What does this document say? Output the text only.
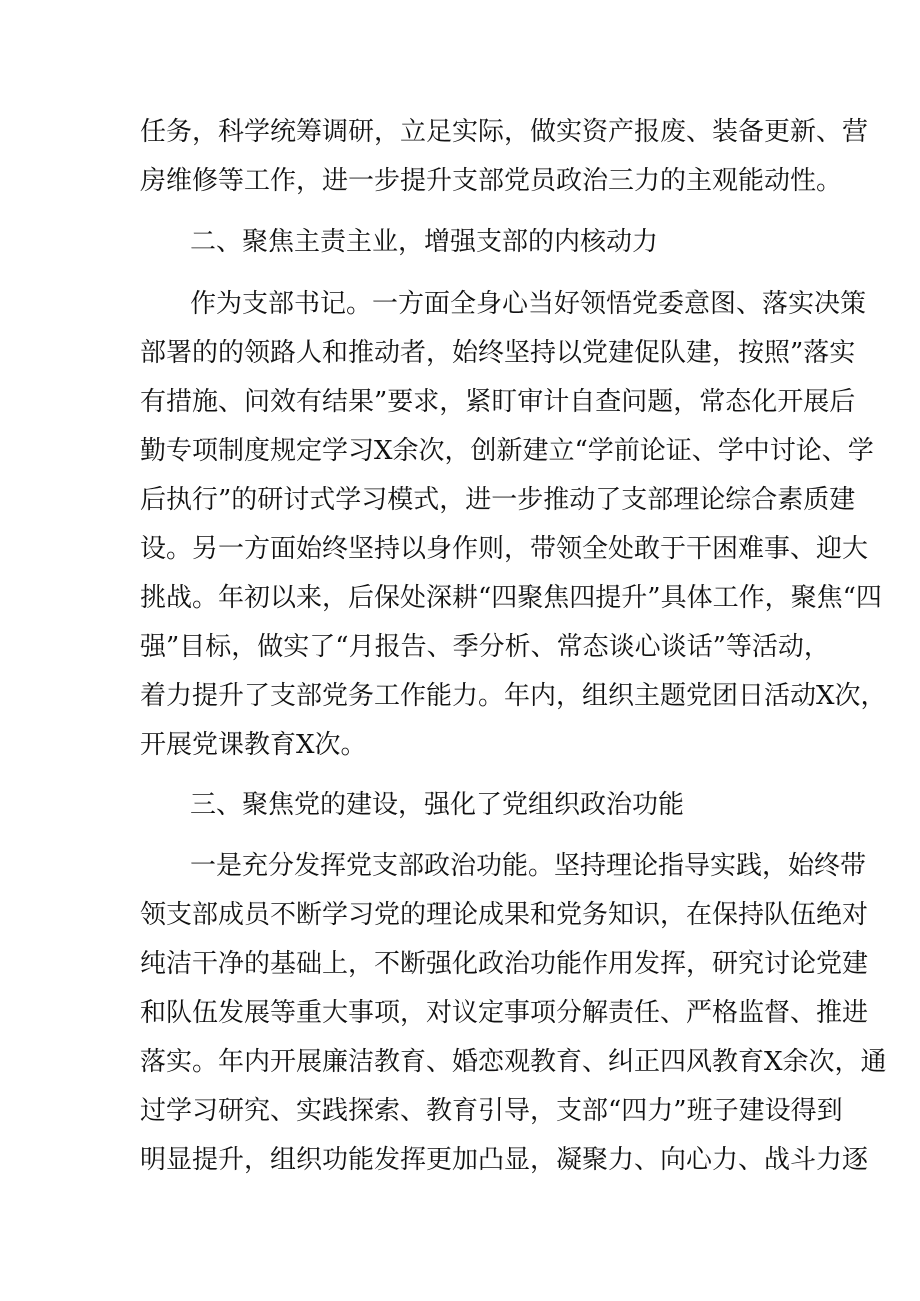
任务，科学统筹调研，立足实际，做实资产报废、装备更新、营

房维修等工作，进一步提升支部党员政治三力的主观能动性。

二、聚焦主责主业，增强支部的内核动力

作为支部书记。一方面全身心当好领悟党委意图、落实决策

部署的的领路人和推动者，始终坚持以党建促队建，按照”落实

有措施、问效有结果”要求，紧盯审计自查问题，常态化开展后

勤专项制度规定学习X余次，创新建立“学前论证、学中讨论、学

后执行”的研讨式学习模式，进一步推动了支部理论综合素质建

设。另一方面始终坚持以身作则，带领全处敢于干困难事、迎大

挑战。年初以来，后保处深耕“四聚焦四提升”具体工作，聚焦“四

强”目标，做实了“月报告、季分析、常态谈心谈话”等活动，

着力提升了支部党务工作能力。年内，组织主题党团日活动X次，

开展党课教育X次。

三、聚焦党的建设，强化了党组织政治功能

一是充分发挥党支部政治功能。坚持理论指导实践，始终带

领支部成员不断学习党的理论成果和党务知识，在保持队伍绝对

纯洁干净的基础上，不断强化政治功能作用发挥，研究讨论党建

和队伍发展等重大事项，对议定事项分解责任、严格监督、推进

落实。年内开展廉洁教育、婚恋观教育、纠正四风教育X余次，通

过学习研究、实践探索、教育引导，支部“四力”班子建设得到

明显提升，组织功能发挥更加凸显，凝聚力、向心力、战斗力逐
